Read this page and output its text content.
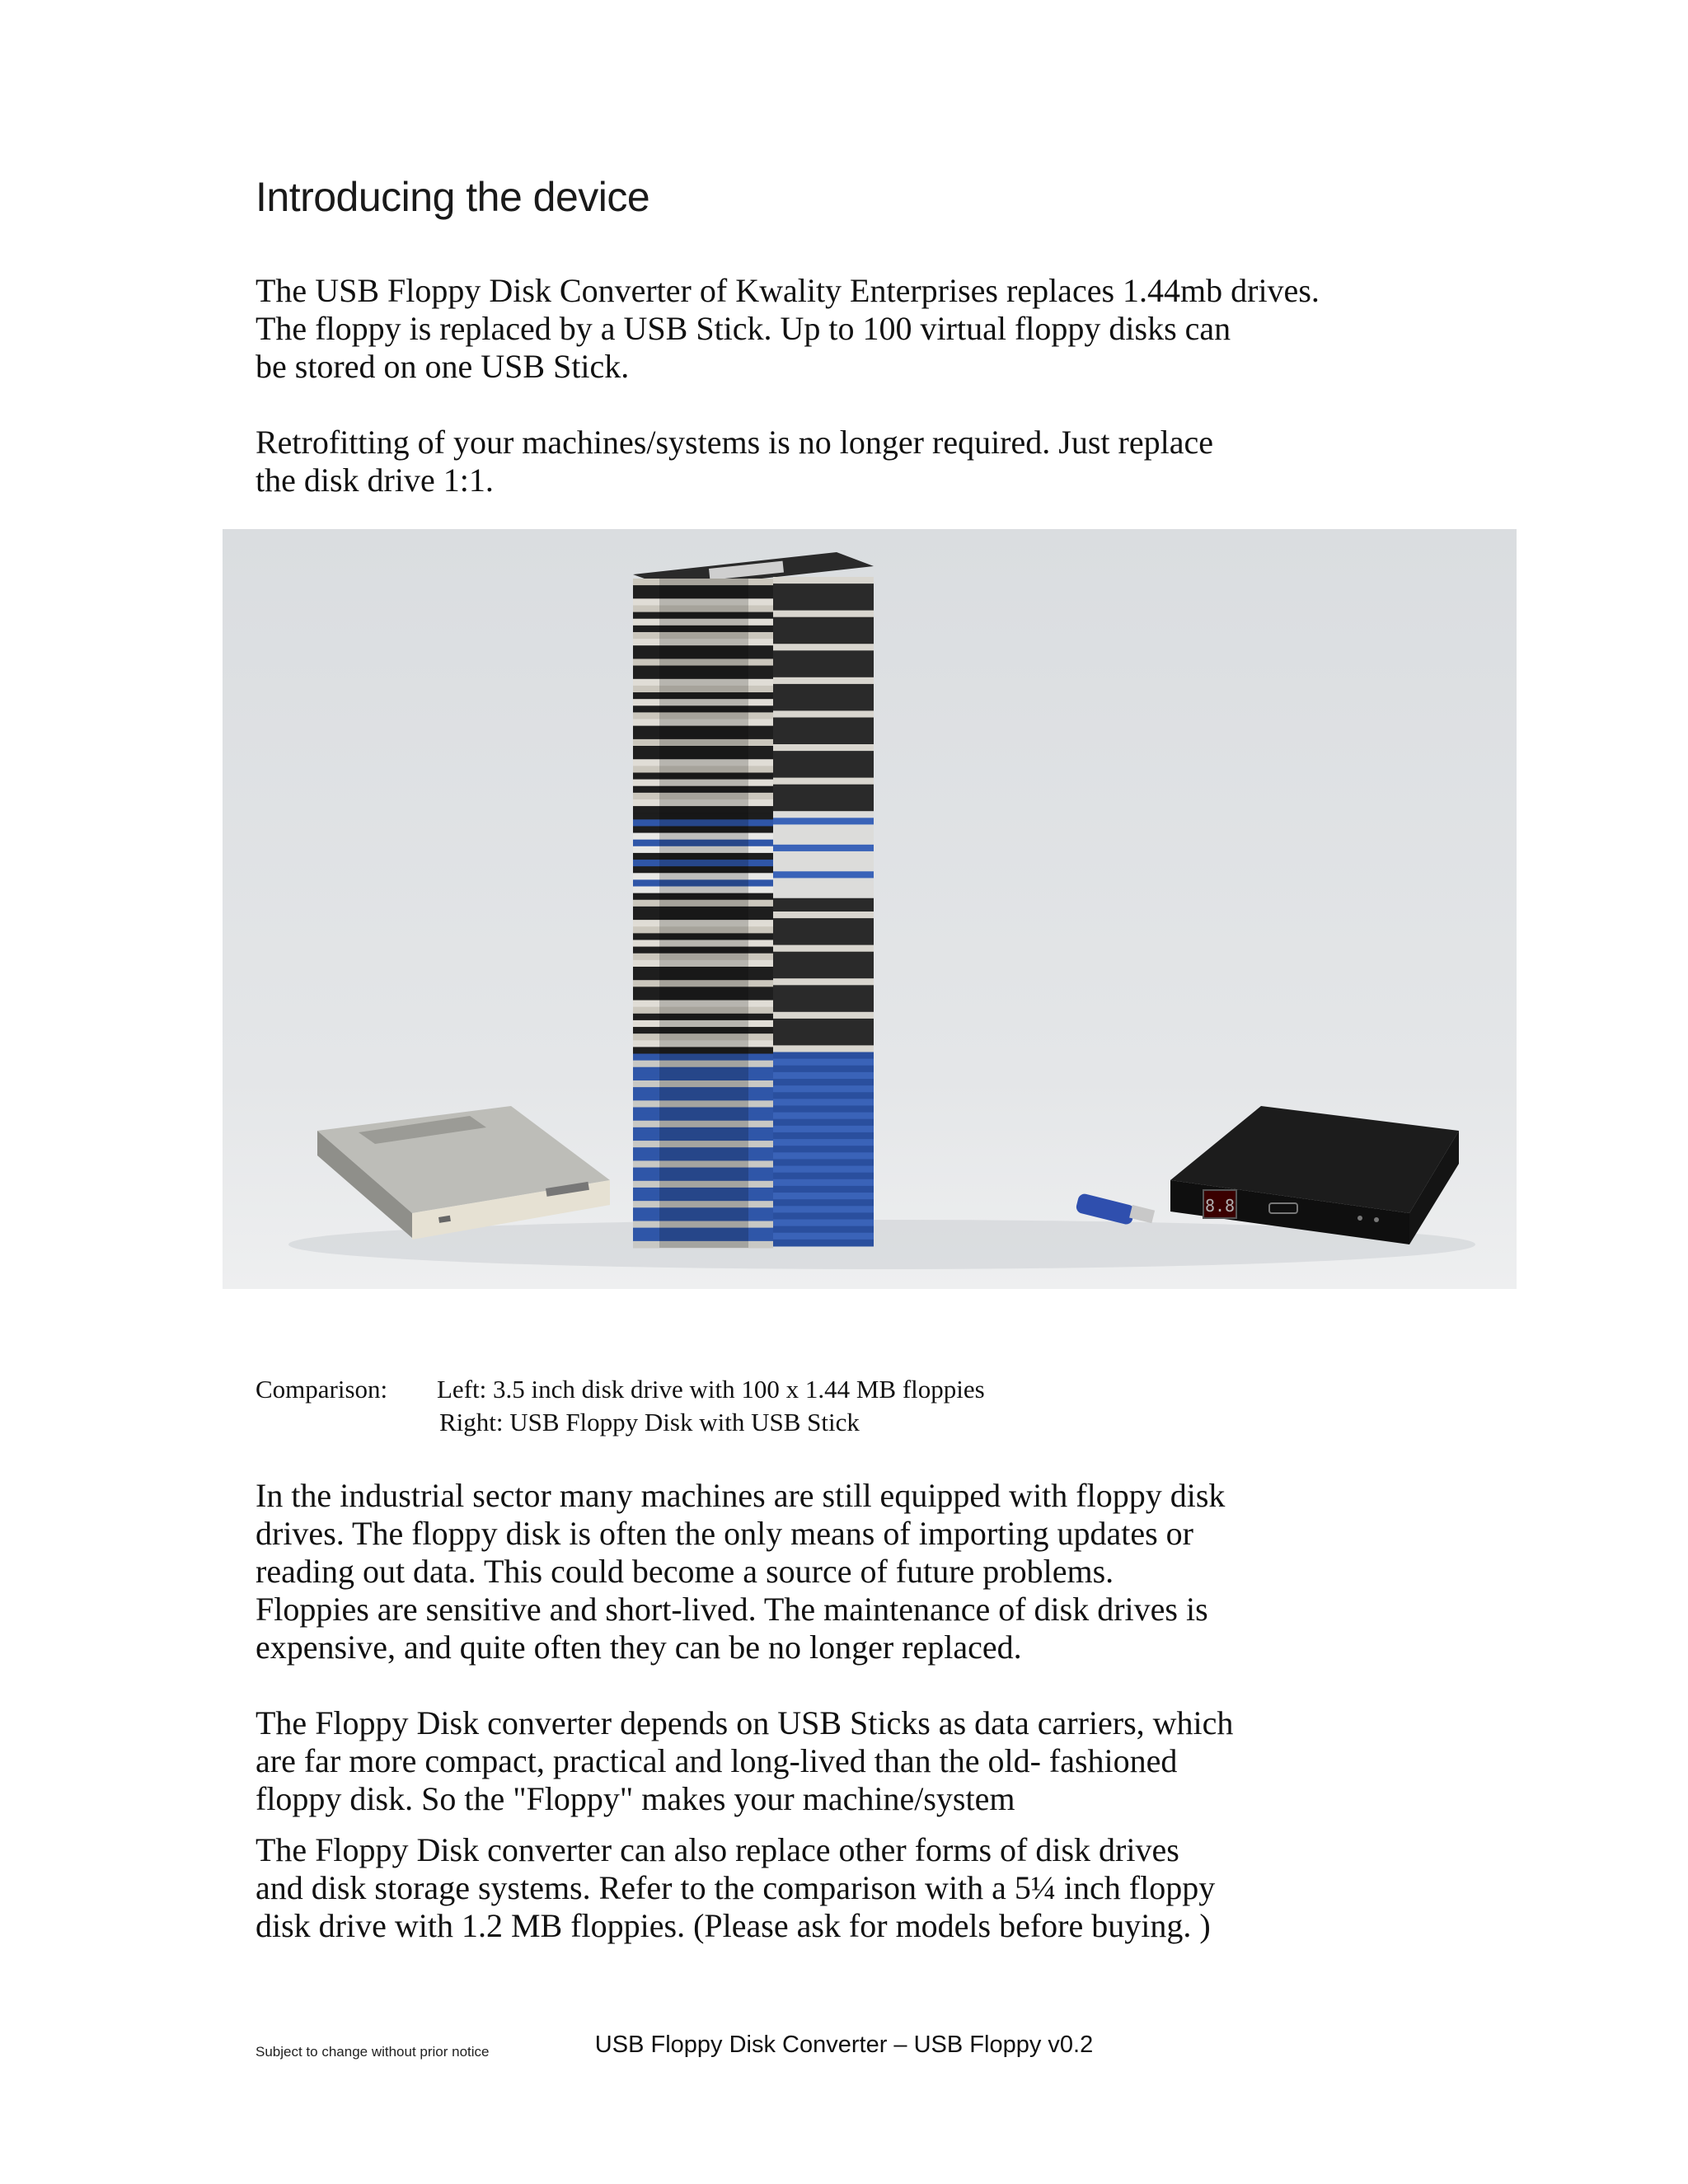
Introducing the device
The USB Floppy Disk Converter of Kwality Enterprises replaces 1.44mb drives.
The floppy is replaced by a USB Stick. Up to 100 virtual floppy disks can
be stored on one USB Stick.
Retrofitting of your machines/systems is no longer required. Just replace
the disk drive 1:1.
8.8
Comparison: Left: 3.5 inch disk drive with 100 x 1.44 MB floppies
Right: USB Floppy Disk with USB Stick
In the industrial sector many machines are still equipped with floppy disk
drives. The floppy disk is often the only means of importing updates or
reading out data. This could become a source of future problems.
Floppies are sensitive and short-lived. The maintenance of disk drives is
expensive, and quite often they can be no longer replaced.
The Floppy Disk converter depends on USB Sticks as data carriers, which
are far more compact, practical and long-lived than the old- fashioned
floppy disk. So the "Floppy" makes your machine/system
The Floppy Disk converter can also replace other forms of disk drives
and disk storage systems. Refer to the comparison with a 5¼ inch floppy
disk drive with 1.2 MB floppies. (Please ask for models before buying. )
Subject to change without prior notice	USB Floppy Disk Converter – USB Floppy v0.2
